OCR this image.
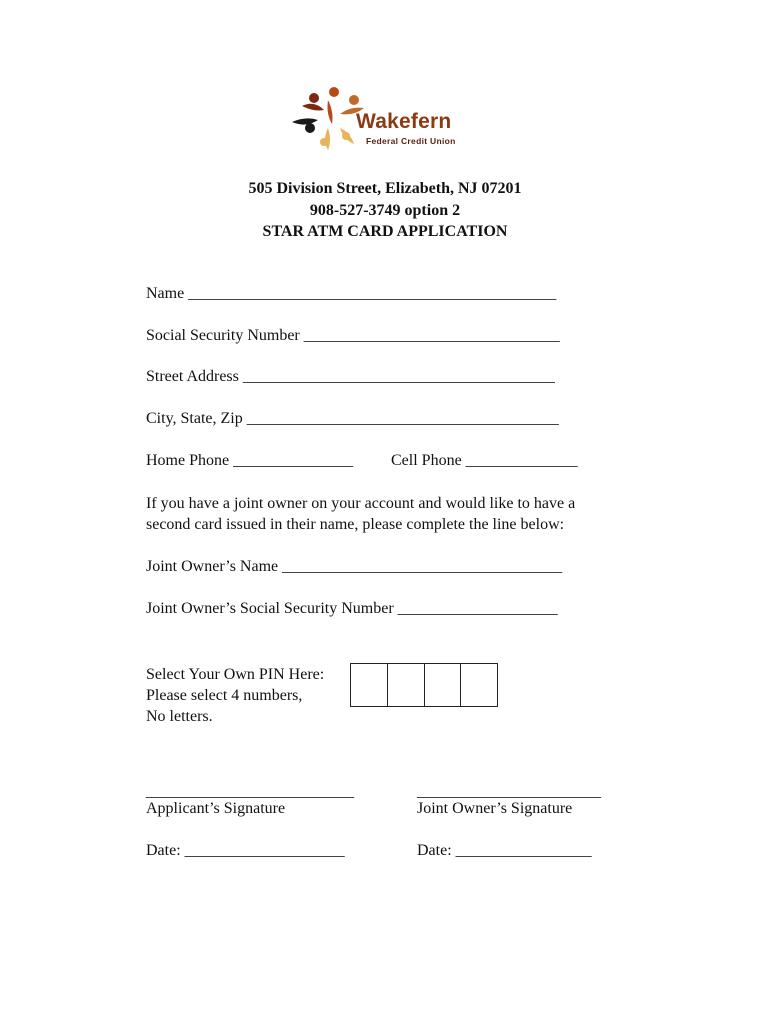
Wakefern
Federal Credit Union
505 Division Street, Elizabeth, NJ 07201
908-527-3749 option 2
STAR ATM CARD APPLICATION
Name ______________________________________________
Social Security Number ________________________________
Street Address _______________________________________
City, State, Zip _______________________________________
Home Phone _______________ Cell Phone ______________
If you have a joint owner on your account and would like to have a
second card issued in their name, please complete the line below:
Joint Owner’s Name ___________________________________
Joint Owner’s Social Security Number ____________________
Select Your Own PIN Here:
Please select 4 numbers,
No letters.
__________________________
Applicant’s Signature
_______________________
Joint Owner’s Signature
Date: ____________________	Date: _________________
